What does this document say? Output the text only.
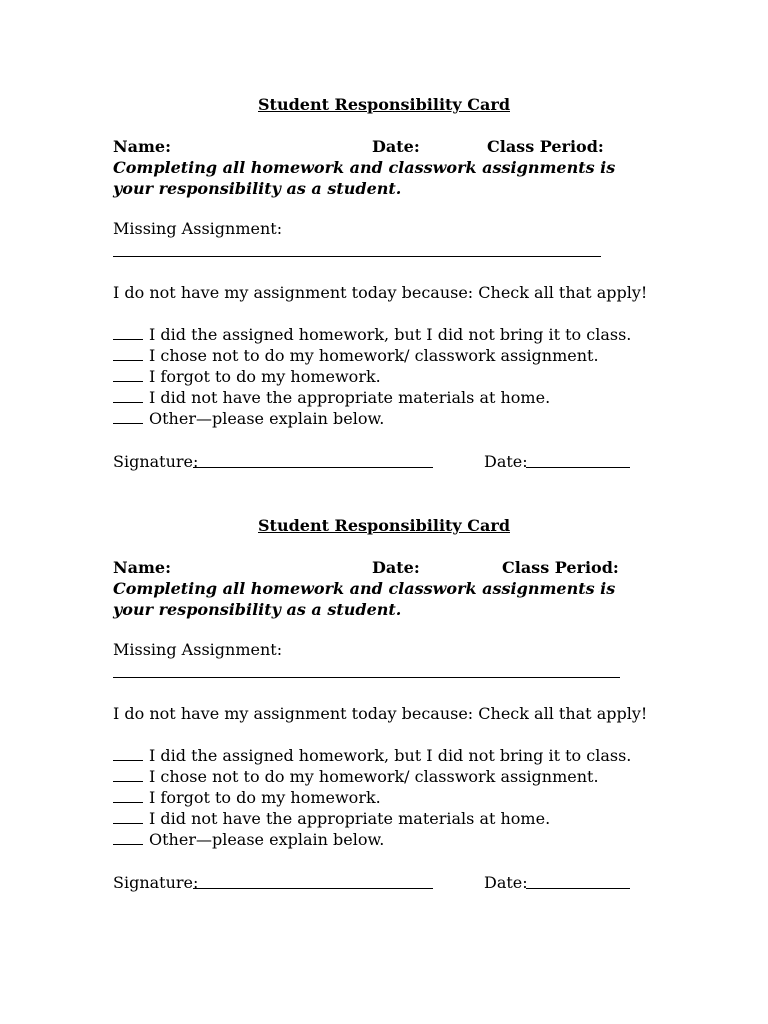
Student Responsibility Card
Name:	Date:	Class Period:
Completing all homework and classwork assignments is your responsibility as a student.
Missing Assignment:
I do not have my assignment today because: Check all that apply!
I did the assigned homework, but I did not bring it to class.
I chose not to do my homework/ classwork assignment.
I forgot to do my homework.
I did not have the appropriate materials at home.
Other—please explain below.
Signature:	Date:
Student Responsibility Card
Name:	Date:	Class Period:
Completing all homework and classwork assignments is your responsibility as a student.
Missing Assignment:
I do not have my assignment today because: Check all that apply!
I did the assigned homework, but I did not bring it to class.
I chose not to do my homework/ classwork assignment.
I forgot to do my homework.
I did not have the appropriate materials at home.
Other—please explain below.
Signature:	Date:
